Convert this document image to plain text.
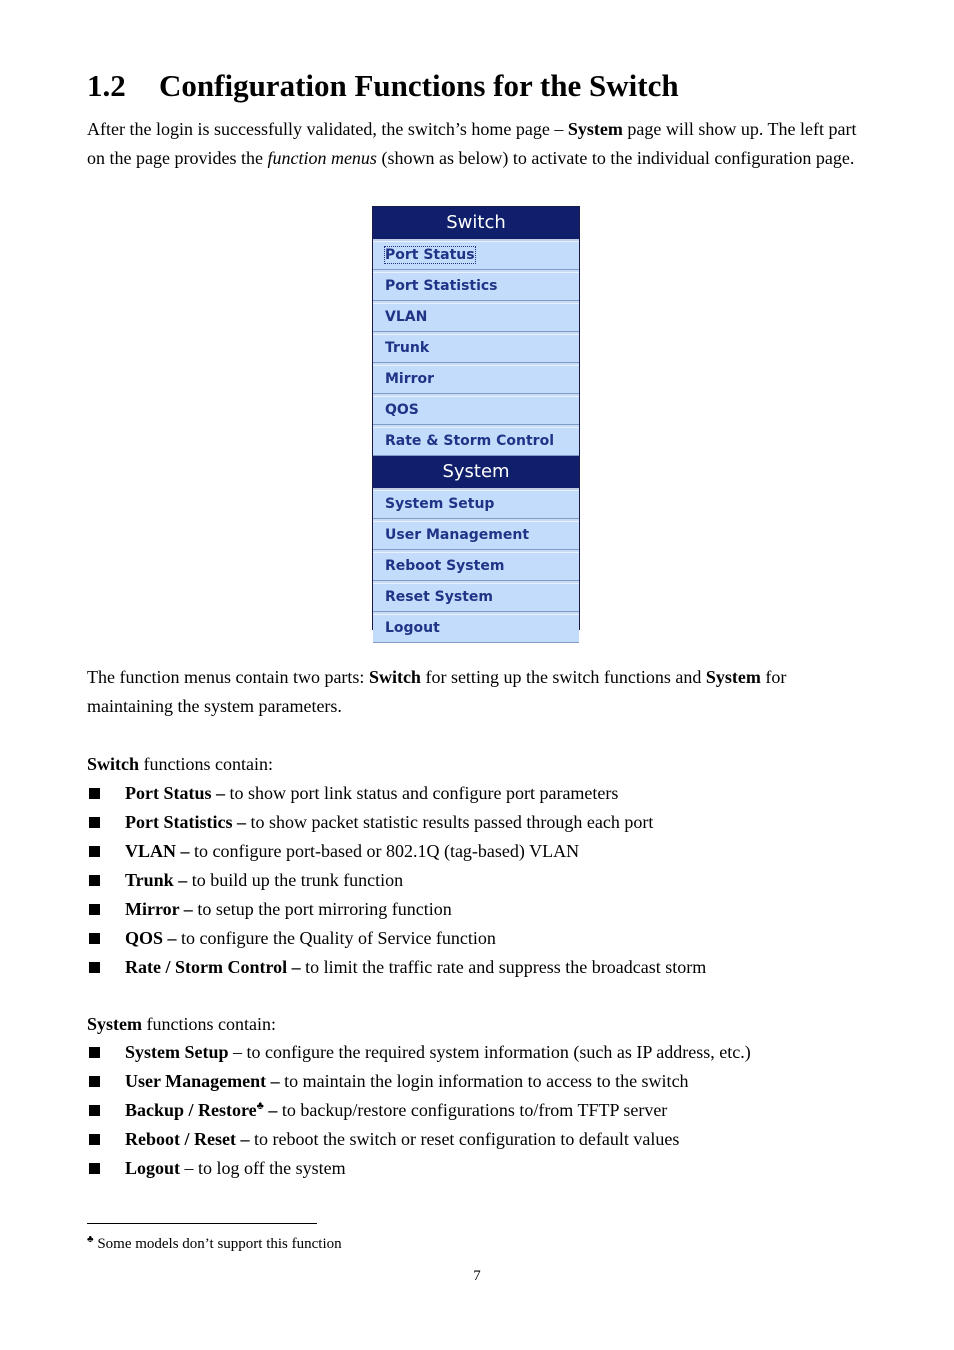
1.2 Configuration Functions for the Switch

After the login is successfully validated, the switch’s home page – System page will show up. The left part on the page provides the function menus (shown as below) to activate to the individual configuration page.

Switch
Port Status
Port Statistics
VLAN
Trunk
Mirror
QOS
Rate & Storm Control
System
System Setup
User Management
Reboot System
Reset System
Logout

The function menus contain two parts: Switch for setting up the switch functions and System for maintaining the system parameters.

Switch functions contain:

Port Status – to show port link status and configure port parameters
Port Statistics – to show packet statistic results passed through each port
VLAN – to configure port-based or 802.1Q (tag-based) VLAN
Trunk – to build up the trunk function
Mirror – to setup the port mirroring function
QOS – to configure the Quality of Service function
Rate / Storm Control – to limit the traffic rate and suppress the broadcast storm

System functions contain:

System Setup – to configure the required system information (such as IP address, etc.)
User Management – to maintain the login information to access to the switch
Backup / Restore♣ – to backup/restore configurations to/from TFTP server
Reboot / Reset – to reboot the switch or reset configuration to default values
Logout – to log off the system
♣ Some models don’t support this function
7
